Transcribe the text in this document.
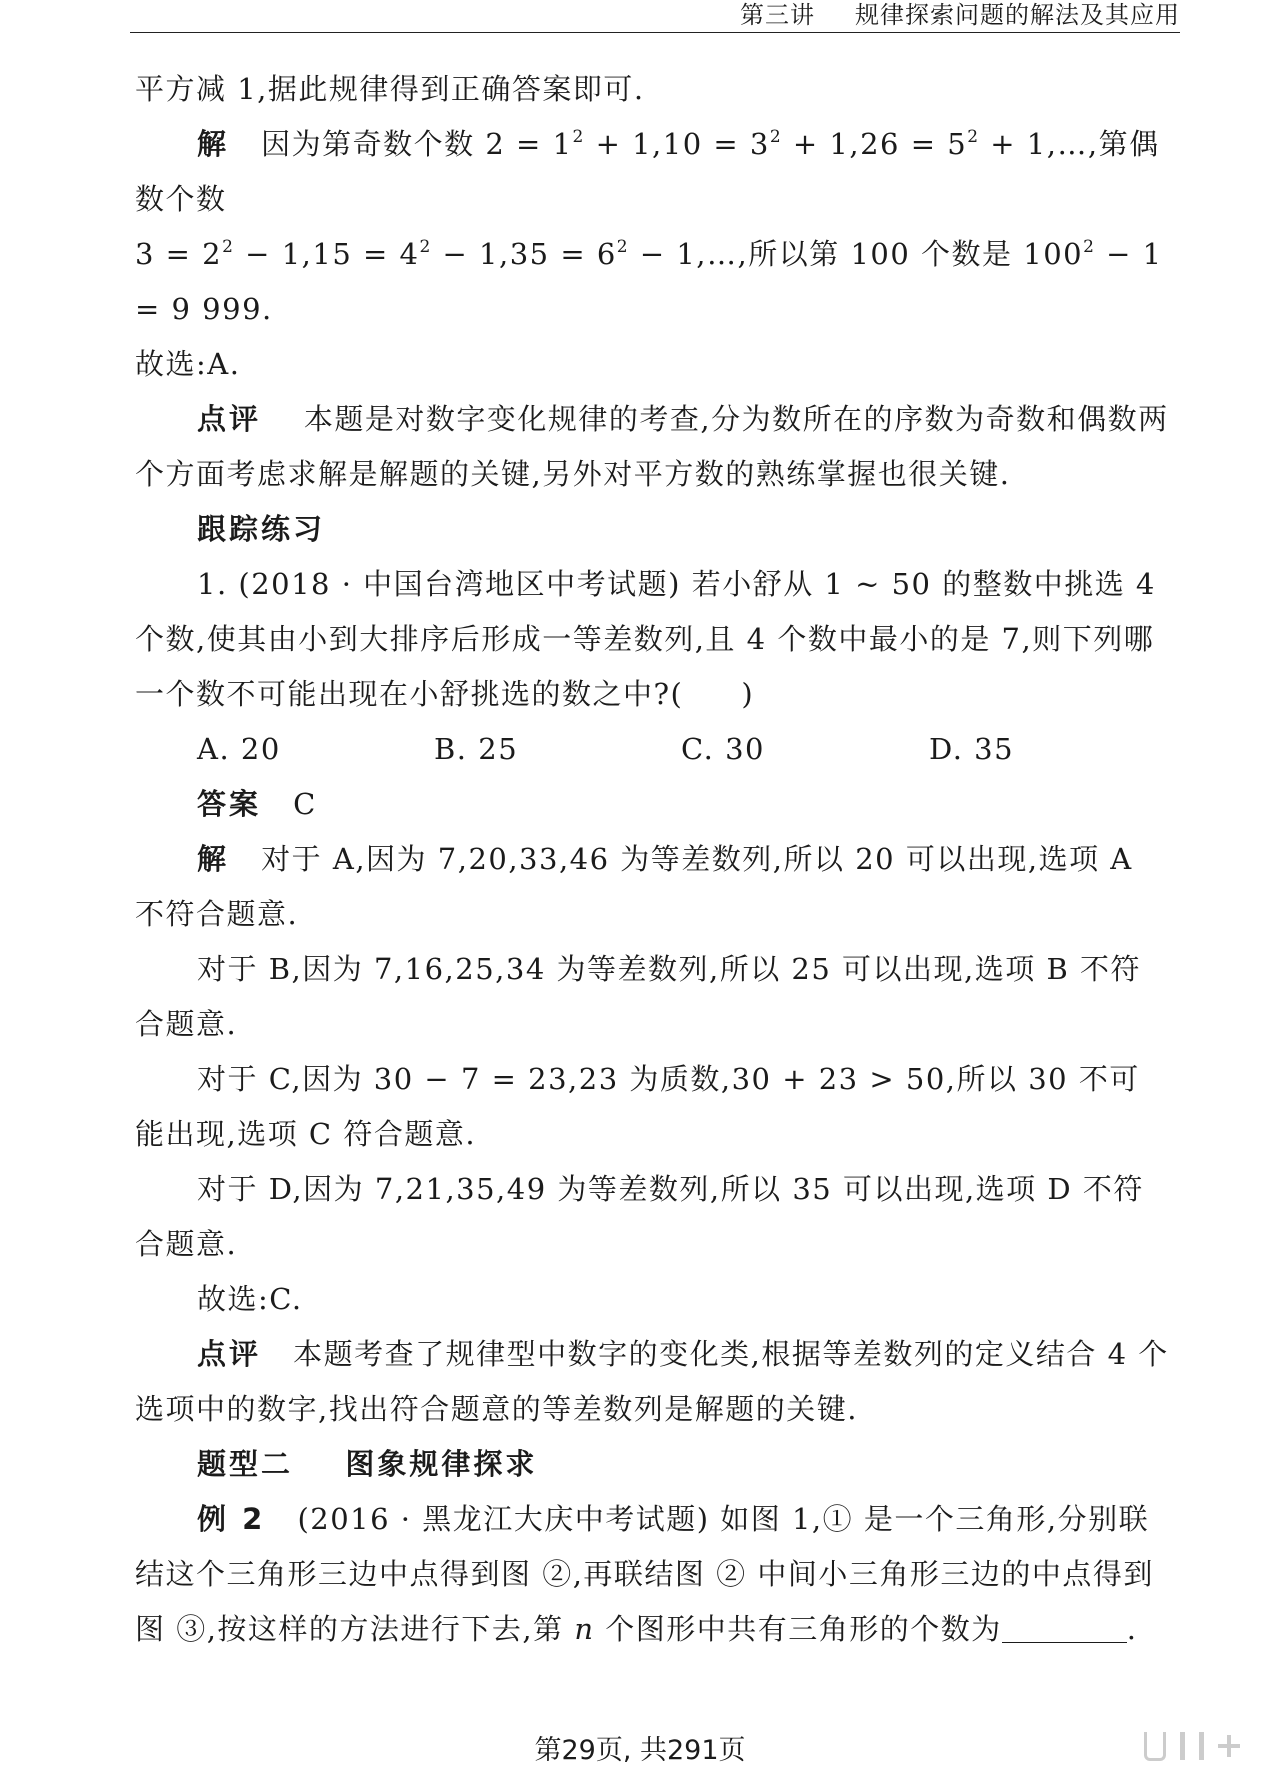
第三讲 规律探索问题的解法及其应用

平方减 1,据此规律得到正确答案即可.

解 因为第奇数个数 $2 = 1^2 + 1,10 = 3^2 + 1,26 = 5^2$ + 1,…,第偶数个数

$3 = 2^2 - 1,15 = 4^2 - 1,35 = 6^2$ − 1,…,所以第 100 个数是 $100^2 - 1 = 9$ 999.

故选:A.

点评 本题是对数字变化规律的考查,分为数所在的序数为奇数和偶数两个方面考虑求解是解题的关键,另外对平方数的熟练掌握也很关键.

跟踪练习

1. (2018 · 中国台湾地区中考试题) 若小舒从 1 ~ 50 的整数中挑选 4 个数,使其由小到大排序后形成一等差数列,且 4 个数中最小的是 7,则下列哪一个数不可能出现在小舒挑选的数之中?( )

A. 20	B. 25	C. 30	D. 35

答案 C

解 对于 A,因为 7,20,33,46 为等差数列,所以 20 可以出现,选项 A 不符合题意.

对于 B,因为 7,16,25,34 为等差数列,所以 25 可以出现,选项 B 不符合题意.

对于 C,因为 30 − 7 = 23,23 为质数,30 + 23 > 50,所以 30 不可能出现,选项 C 符合题意.

对于 D,因为 7,21,35,49 为等差数列,所以 35 可以出现,选项 D 不符合题意.

故选:C.

点评 本题考查了规律型中数字的变化类,根据等差数列的定义结合 4 个选项中的数字,找出符合题意的等差数列是解题的关键.

题型二 图象规律探求

例 2 (2016 · 黑龙江大庆中考试题) 如图 1,① 是一个三角形,分别联结这个三角形三边中点得到图 ②,再联结图 ② 中间小三角形三边的中点得到图 ③,按这样的方法进行下去,第 n 个图形中共有三角形的个数为	.

第29页, 共291页
